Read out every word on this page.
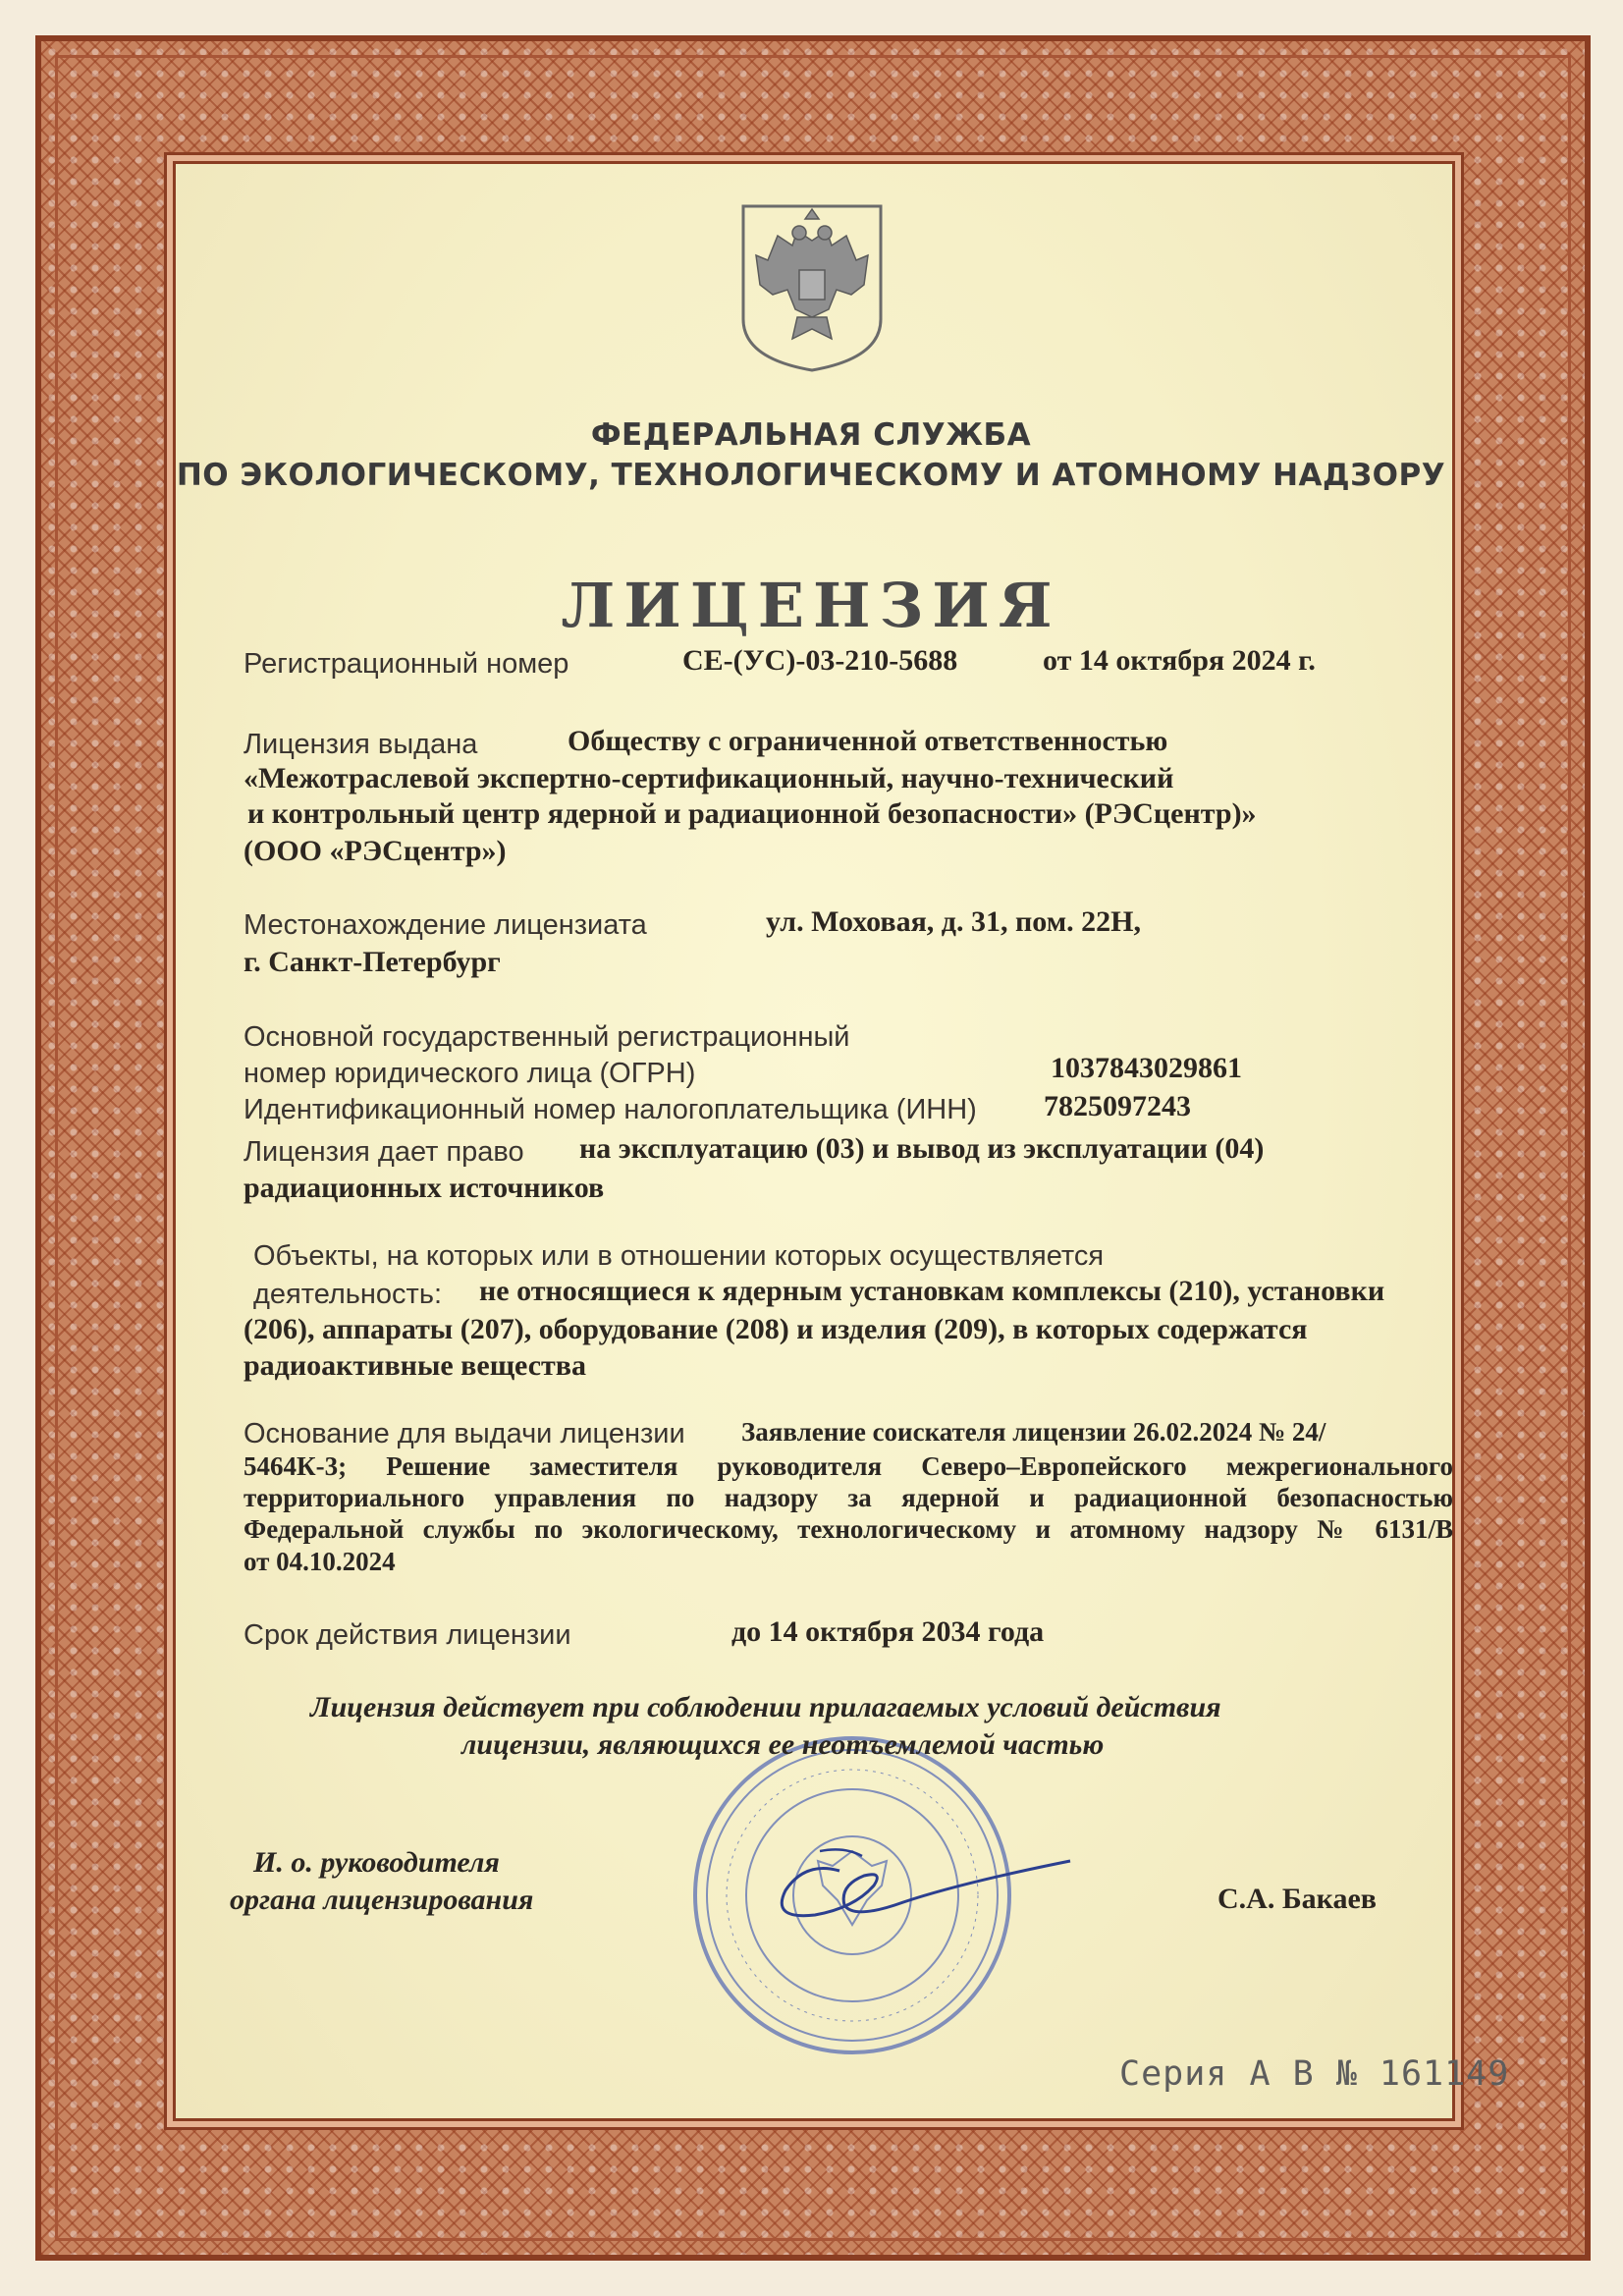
ФЕДЕРАЛЬНАЯ СЛУЖБА
ПО ЭКОЛОГИЧЕСКОМУ, ТЕХНОЛОГИЧЕСКОМУ И АТОМНОМУ НАДЗОРУ
ЛИЦЕНЗИЯ
Регистрационный номер	СЕ-(УС)-03-210-5688	от 14 октября 2024 г.
Лицензия выдана	Обществу с ограниченной ответственностью
«Межотраслевой экспертно-сертификационный, научно-технический
и контрольный центр ядерной и радиационной безопасности» (РЭСцентр)»
(ООО «РЭСцентр»)
Местонахождение лицензиата	ул. Моховая, д. 31, пом. 22Н,
г. Санкт-Петербург
Основной государственный регистрационный
номер юридического лица (ОГРН)	1037843029861
Идентификационный номер налогоплательщика (ИНН) 7825097243
Лицензия дает право на эксплуатацию (03) и вывод из эксплуатации (04)
радиационных источников
Объекты, на которых или в отношении которых осуществляется
деятельность: не относящиеся к ядерным установкам комплексы (210), установки
(206), аппараты (207), оборудование (208) и изделия (209), в которых содержатся
радиоактивные вещества
Основание для выдачи лицензии Заявление соискателя лицензии 26.02.2024 № 24/
5464К-3; Решение заместителя руководителя Северо–Европейского межрегионального
территориального управления по надзору за ядерной и радиационной безопасностью
Федеральной службы по экологическому, технологическому и атомному надзору № 6131/В
от 04.10.2024
Срок действия лицензии	до 14 октября 2034 года
Лицензия действует при соблюдении прилагаемых условий действия
лицензии, являющихся ее неотъемлемой частью
И. о. руководителя
органа лицензирования	С.А. Бакаев
Серия А В № 161149
